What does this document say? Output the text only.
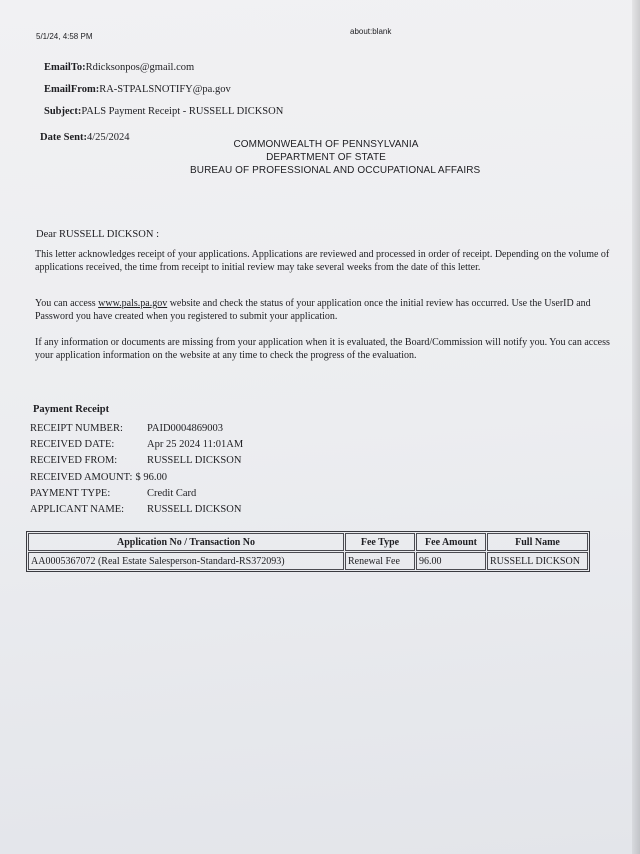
5/1/24, 4:58 PM
about:blank
EmailTo:Rdicksonpos@gmail.com
EmailFrom:RA-STPALSNOTIFY@pa.gov
Subject:PALS Payment Receipt - RUSSELL DICKSON
Date Sent:4/25/2024
COMMONWEALTH OF PENNSYLVANIA
DEPARTMENT OF STATE
BUREAU OF PROFESSIONAL AND OCCUPATIONAL AFFAIRS
Dear RUSSELL DICKSON :
This letter acknowledges receipt of your applications. Applications are reviewed and processed in order of receipt. Depending on the volume of applications received, the time from receipt to initial review may take several weeks from the date of this letter.
You can access www.pals.pa.gov website and check the status of your application once the initial review has occurred. Use the UserID and Password you have created when you registered to submit your application.
If any information or documents are missing from your application when it is evaluated, the Board/Commission will notify you. You can access your application information on the website at any time to check the progress of the evaluation.
Payment Receipt
RECEIPT NUMBER: PAID0004869003
RECEIVED DATE:	Apr 25 2024 11:01AM
RECEIVED FROM:	RUSSELL DICKSON
RECEIVED AMOUNT: $ 96.00
PAYMENT TYPE:	Credit Card
APPLICANT NAME: RUSSELL DICKSON
Application No / Transaction No	Fee Type	Fee Amount	Full Name
AA0005367072 (Real Estate Salesperson-Standard-RS372093)	Renewal Fee	96.00	RUSSELL DICKSON
